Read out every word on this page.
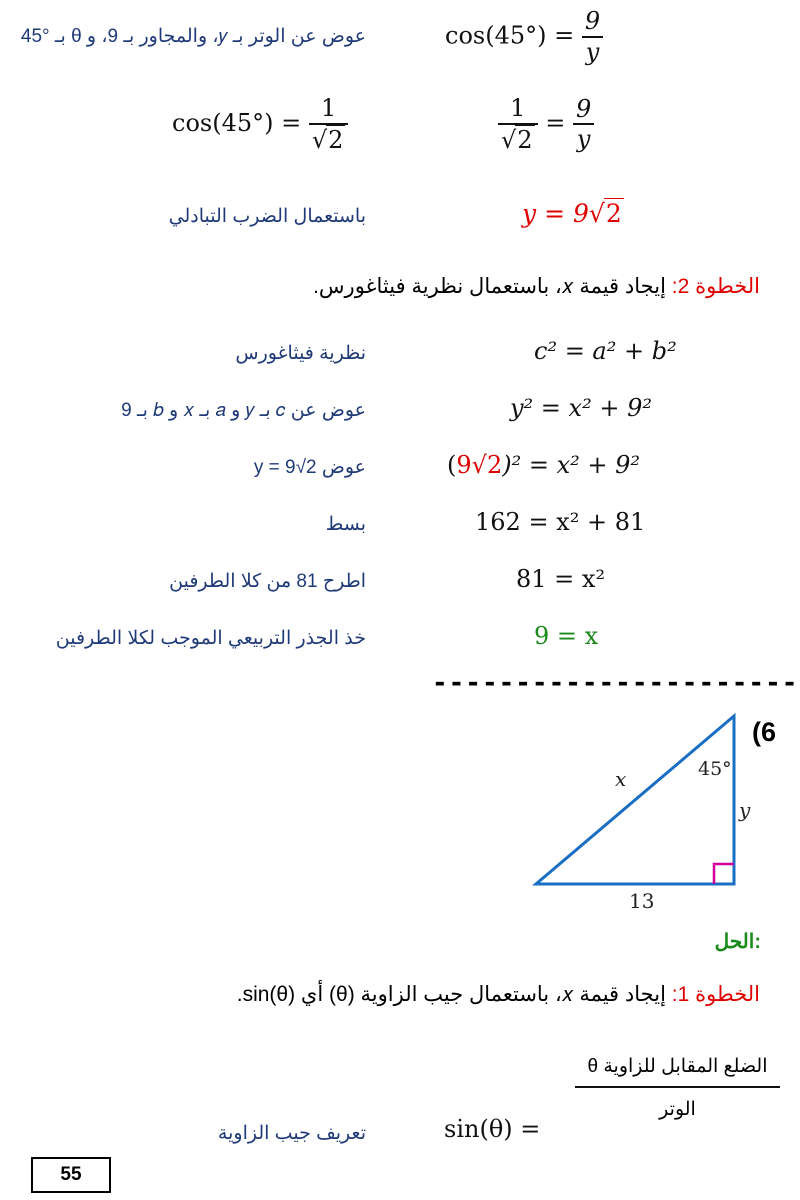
$\cos(45^\circ) = \frac{9}{y}$
عوض عن الوتر بـ 𝑦، والمجاور بـ 9، و θ بـ °45
$\cos(45^\circ) = \frac{1}{√2}$	$\frac{1}{√2} = \frac{9}{y}$
باستعمال الضرب التبادلي	y = 9√2
الخطوة 2: إيجاد قيمة 𝑥، باستعمال نظرية فيثاغورس.
c² = a² + b²
نظرية فيثاغورس
y² = x² + 9²
عوض عن 𝑐 بـ 𝑦 و 𝑎 بـ 𝑥 و 𝑏 بـ 9
(9√2)² = x² + 9²
عوض y = 9√2
162 = x² + 81
بسط
81 = x²
اطرح 81 من كلا الطرفين
9 = x
خذ الجذر التربيعي الموجب لكلا الطرفين
----------------------
(6
45°
x
y
13
الحل:
الخطوة 1: إيجاد قيمة 𝑥، باستعمال جيب الزاوية (θ) أي sin(θ).
sin(θ) =
الضلع المقابل للزاوية θ
الوتر
تعريف جيب الزاوية
55
